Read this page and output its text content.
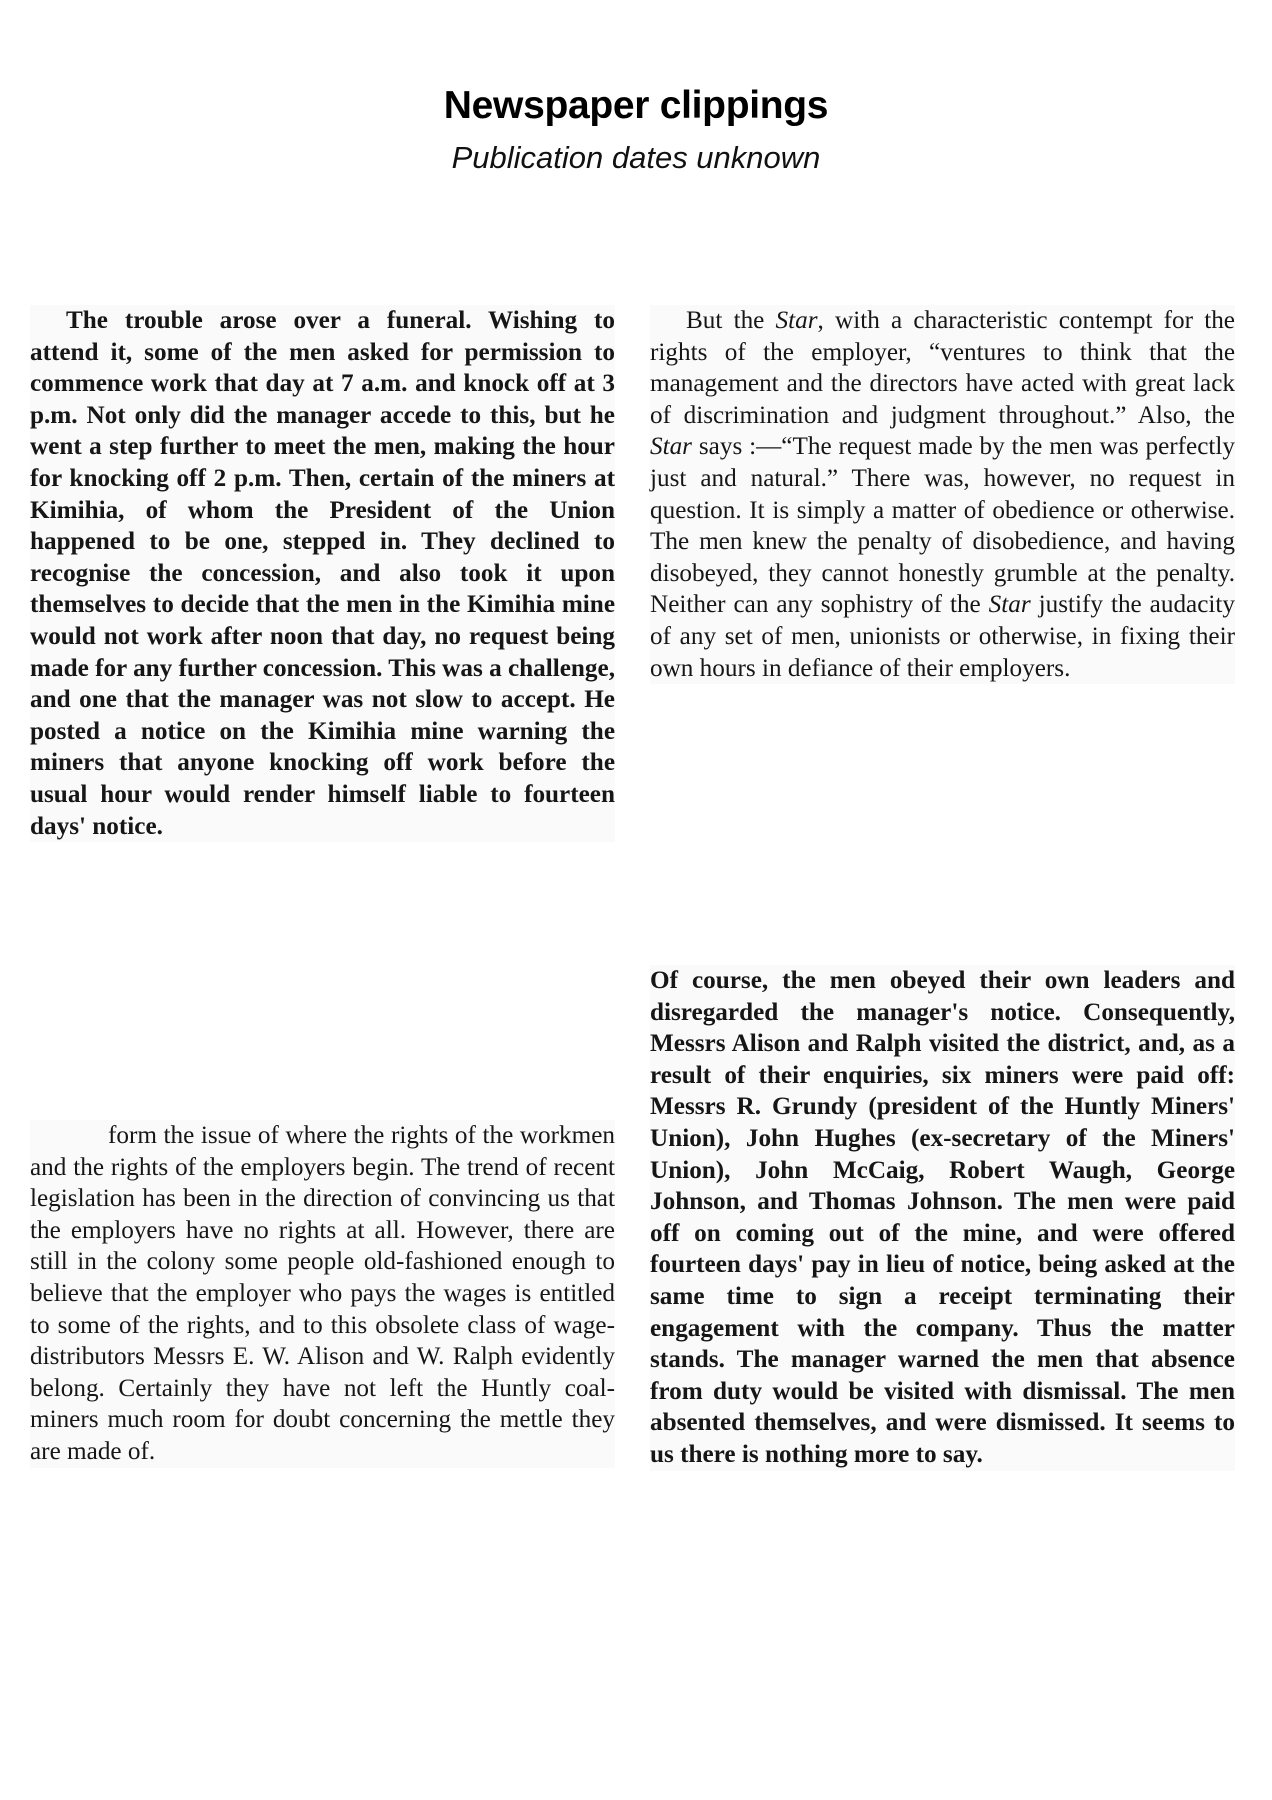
Newspaper clippings
Publication dates unknown

The trouble arose over a funeral. Wishing to attend it, some of the men asked for permission to commence work that day at 7 a.m. and knock off at 3 p.m. Not only did the manager accede to this, but he went a step further to meet the men, making the hour for knocking off 2 p.m. Then, certain of the miners at Kimihia, of whom the President of the Union happened to be one, stepped in. They declined to recognise the concession, and also took it upon themselves to decide that the men in the Kimihia mine would not work after noon that day, no request being made for any further concession. This was a challenge, and one that the manager was not slow to accept. He posted a notice on the Kimihia mine warning the miners that anyone knocking off work before the usual hour would render himself liable to fourteen days' notice.

But the Star, with a characteristic contempt for the rights of the employer, “ventures to think that the management and the directors have acted with great lack of discrimination and judgment throughout.” Also, the Star says :—“The request made by the men was perfectly just and natural.” There was, however, no request in question. It is simply a matter of obedience or otherwise. The men knew the penalty of disobedience, and having disobeyed, they cannot honestly grumble at the penalty. Neither can any sophistry of the Star justify the audacity of any set of men, unionists or otherwise, in fixing their own hours in defiance of their employers.

form the issue of where the rights of the workmen and the rights of the employers begin. The trend of recent legislation has been in the direction of convincing us that the employers have no rights at all. However, there are still in the colony some people old-fashioned enough to believe that the employer who pays the wages is entitled to some of the rights, and to this obsolete class of wage-distributors Messrs E. W. Alison and W. Ralph evidently belong. Certainly they have not left the Huntly coal-miners much room for doubt concerning the mettle they are made of.

Of course, the men obeyed their own leaders and disregarded the manager's notice. Consequently, Messrs Alison and Ralph visited the district, and, as a result of their enquiries, six miners were paid off: Messrs R. Grundy (president of the Huntly Miners' Union), John Hughes (ex-secretary of the Miners' Union), John McCaig, Robert Waugh, George Johnson, and Thomas Johnson. The men were paid off on coming out of the mine, and were offered fourteen days' pay in lieu of notice, being asked at the same time to sign a receipt terminating their engagement with the company. Thus the matter stands. The manager warned the men that absence from duty would be visited with dismissal. The men absented themselves, and were dismissed. It seems to us there is nothing more to say.
